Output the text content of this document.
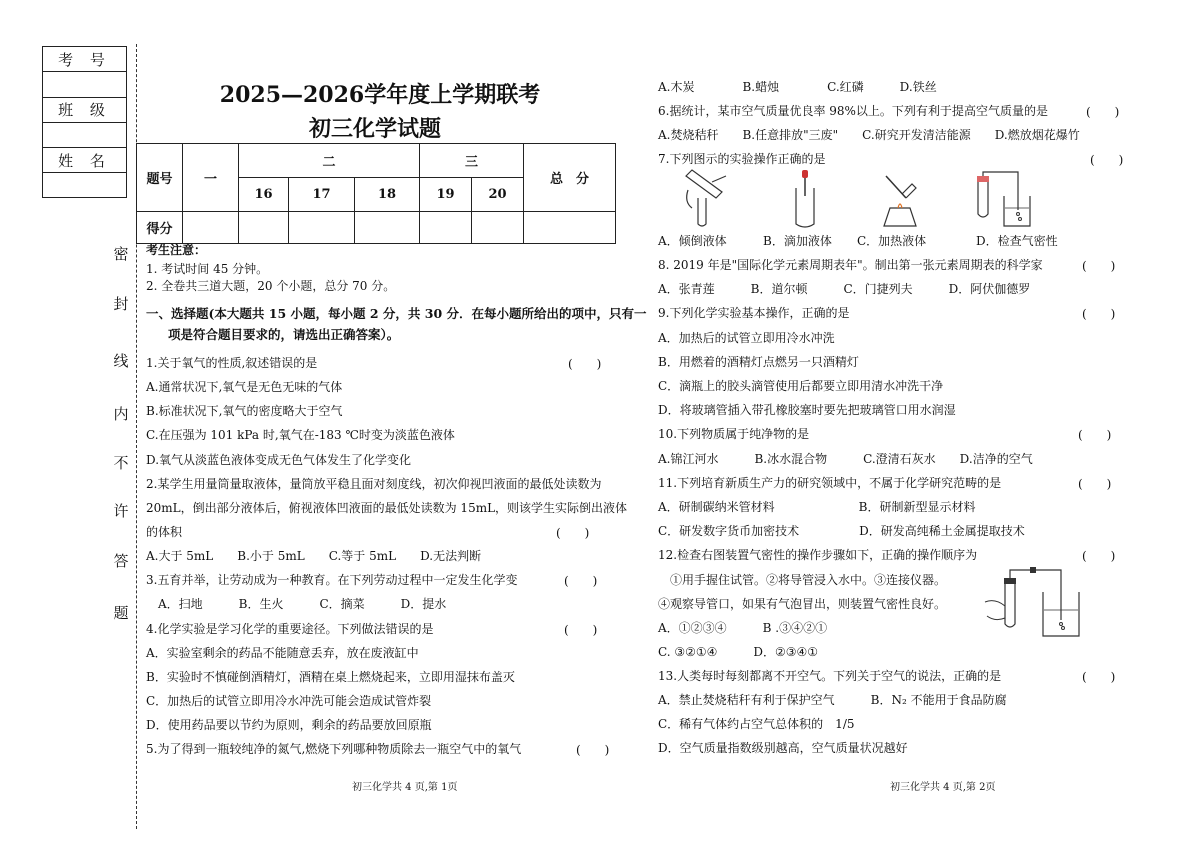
考 号
班 级
姓 名
密
封
线
内
不
许
答
题
2025—2026学年度上学期联考
初三化学试题
题号	一	二			三		总　分
		16	17	18	19	20	
得分							
考生注意：
1. 考试时间 45 分钟。
2. 全卷共三道大题，20 个小题，总分 70 分。
一、选择题(本大题共 15 小题，每小题 2 分，共 30 分．在每小题所给出的项中，只有一
项是符合题目要求的，请选出正确答案）。
1.关于氧气的性质,叙述错误的是
A.通常状况下,氧气是无色无味的气体
B.标准状况下,氧气的密度略大于空气
C.在压强为 101 kPa 时,氧气在-183 ℃时变为淡蓝色液体
D.氧气从淡蓝色液体变成无色气体发生了化学变化
2.某学生用量筒量取液体，量筒放平稳且面对刻度线，初次仰视凹液面的最低处读数为
20mL，倒出部分液体后，俯视液体凹液面的最低处读数为 15mL，则该学生实际倒出液体
的体积
A.大于 5mL　　B.小于 5mL　　C.等于 5mL　　D.无法判断
3.五育并举，让劳动成为一种教育。在下列劳动过程中一定发生化学变
　A．扫地　　　B．生火　　　C．摘菜　　　D．提水
4.化学实验是学习化学的重要途径。下列做法错误的是
A．实验室剩余的药品不能随意丢弃，放在废液缸中
B．实验时不慎碰倒酒精灯，酒精在桌上燃烧起来，立即用湿抹布盖灭
C．加热后的试管立即用冷水冲洗可能会造成试管炸裂
D．使用药品要以节约为原则，剩余的药品要放回原瓶
5.为了得到一瓶较纯净的氮气,燃烧下列哪种物质除去一瓶空气中的氧气
(　　)
(　　)
(　　)
(　　)
(　　)
A.木炭　　　　B.蜡烛　　　　C.红磷　　　D.铁丝
6.据统计，某市空气质量优良率 98%以上。下列有利于提高空气质量的是
A.焚烧秸秆　　B.任意排放"三废"　　C.研究开发清洁能源　　D.燃放烟花爆竹
7.下列图示的实验操作正确的是
A．倾倒液体	B．滴加液体 C．加热液体	D．检查气密性
8. 2019 年是"国际化学元素周期表年"。制出第一张元素周期表的科学家
A．张青莲　　　B．道尔顿　　　C．门捷列夫　　　D．阿伏伽德罗
9.下列化学实验基本操作，正确的是
A．加热后的试管立即用冷水冲洗
B．用燃着的酒精灯点燃另一只酒精灯
C．滴瓶上的胶头滴管使用后都要立即用清水冲洗干净
D．将玻璃管插入带孔橡胶塞时要先把玻璃管口用水润湿
10.下列物质属于纯净物的是
A.锦江河水　　　B.冰水混合物　　　C.澄清石灰水　　D.洁净的空气
11.下列培育新质生产力的研究领域中，不属于化学研究范畴的是
A．研制碳纳米管材料　　　　　　　B．研制新型显示材料
C．研发数字货币加密技术　　　　　D．研发高纯稀土金属提取技术
12.检查右图装置气密性的操作步骤如下，正确的操作顺序为
　①用手握住试管。②将导管浸入水中。③连接仪器。
④观察导管口，如果有气泡冒出，则装置气密性良好。
A．①②③④　　　B .③④②①
C. ③②①④　　　D．②③④①
13.人类每时每刻都离不开空气。下列关于空气的说法，正确的是
A．禁止焚烧秸秆有利于保护空气　　　B．N₂ 不能用于食品防腐
C．稀有气体约占空气总体积的　1/5
D．空气质量指数级别越高，空气质量状况越好
(　　)
(　　)
(　　)
(　　)
(　　)
(　　)
(　　)
(　　)
初三化学共 4 页,第 1页	初三化学共 4 页,第 2页
